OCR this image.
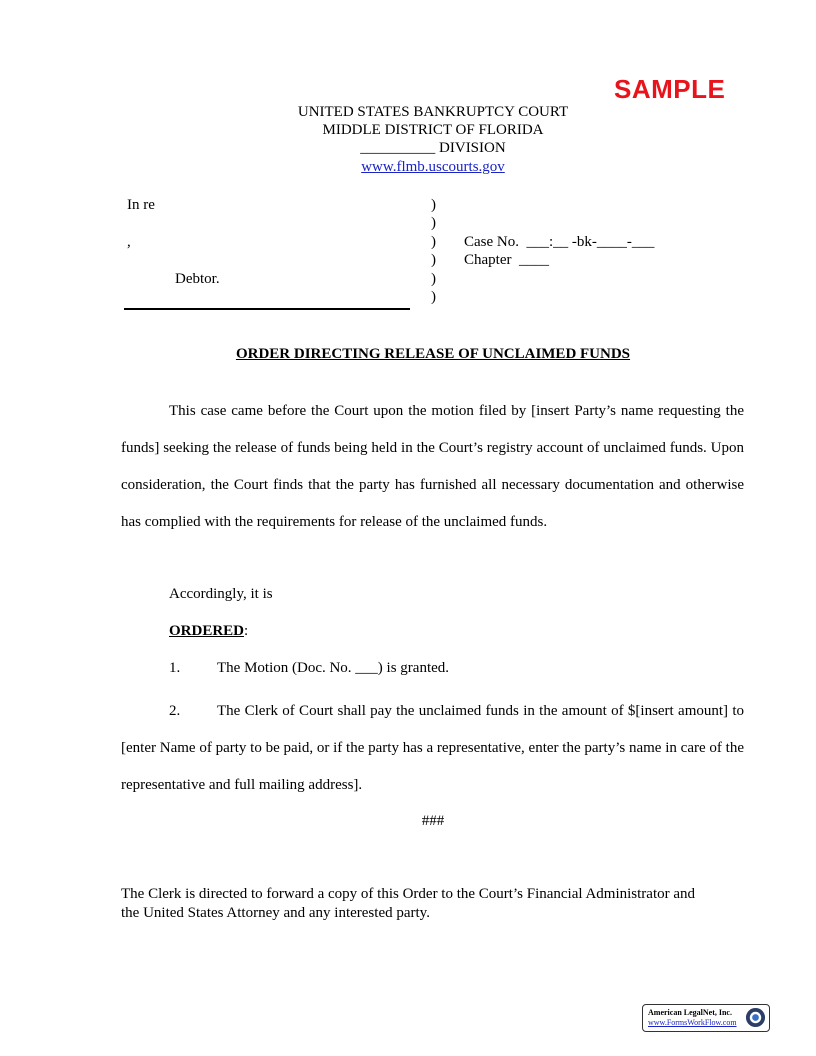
SAMPLE
UNITED STATES BANKRUPTCY COURT
MIDDLE DISTRICT OF FLORIDA
__________ DIVISION
www.flmb.uscourts.gov
In re
,
Debtor.
)
)
)
)
)
)
Case No.  ___:__ -bk-____-___
Chapter  ____
ORDER DIRECTING RELEASE OF UNCLAIMED FUNDS
This case came before the Court upon the motion filed by [insert Party’s name requesting the funds] seeking the release of funds being held in the Court’s registry account of unclaimed funds. Upon consideration, the Court finds that the party has furnished all necessary documentation and otherwise has complied with the requirements for release of the unclaimed funds.
Accordingly, it is
ORDERED:
1. The Motion (Doc. No. ___) is granted.
2. The Clerk of Court shall pay the unclaimed funds in the amount of $[insert amount] to [enter Name of party to be paid, or if the party has a representative, enter the party’s name in care of the representative and full mailing address].
###
The Clerk is directed to forward a copy of this Order to the Court’s Financial Administrator and
the United States Attorney and any interested party.
American LegalNet, Inc.
www.FormsWorkFlow.com
